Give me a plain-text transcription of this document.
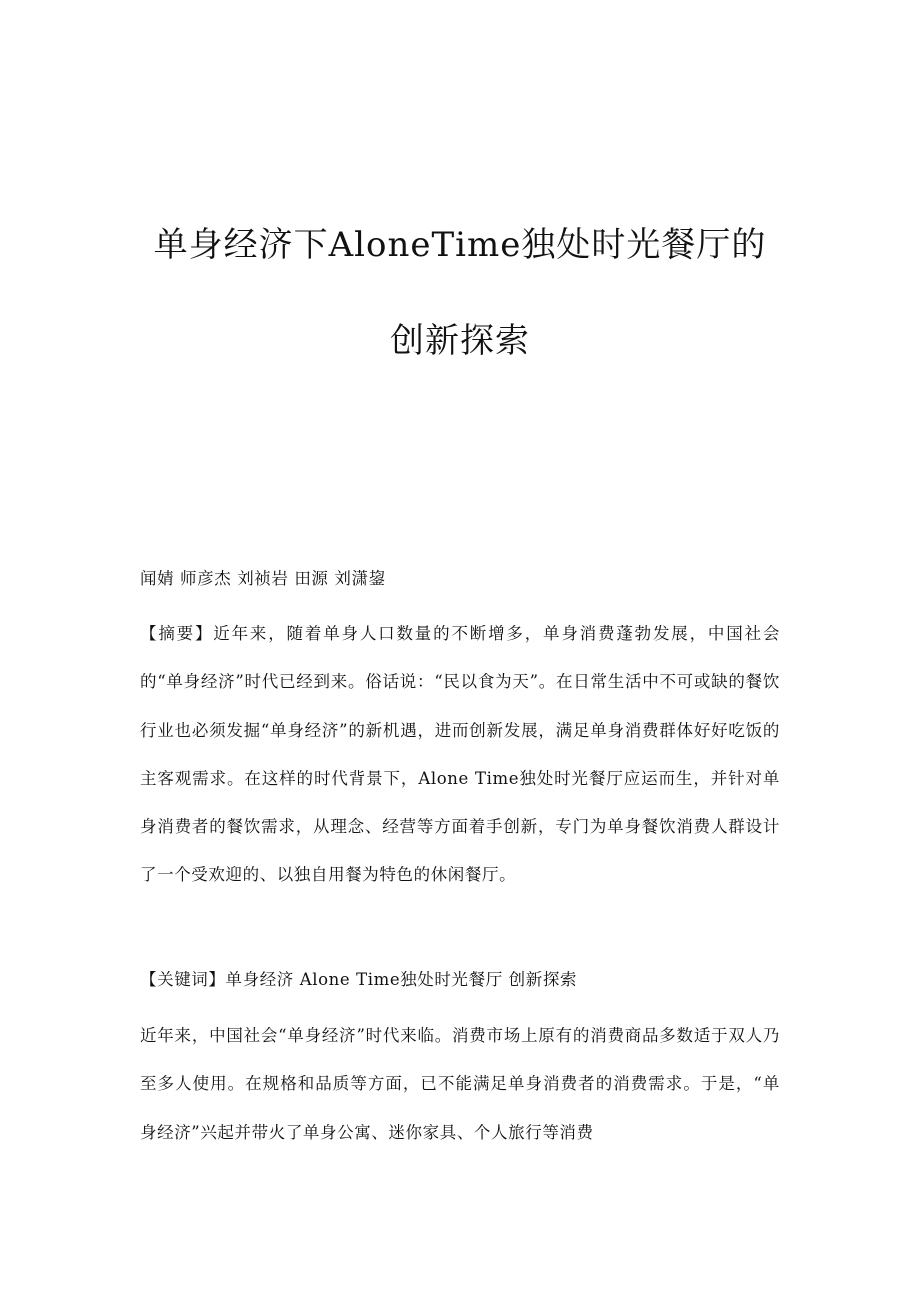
单身经济下AloneTime独处时光餐厅的
创新探索
闻婧 师彦杰 刘祯岩 田源 刘潇鋆
【摘要】近年来，随着单身人口数量的不断增多，单身消费蓬勃发展，中国社会的“单身经济”时代已经到来。俗话说：“民以食为天”。在日常生活中不可或缺的餐饮行业也必须发掘“单身经济”的新机遇，进而创新发展，满足单身消费群体好好吃饭的主客观需求。在这样的时代背景下，Alone Time独处时光餐厅应运而生，并针对单身消费者的餐饮需求，从理念、经营等方面着手创新，专门为单身餐饮消费人群设计了一个受欢迎的、以独自用餐为特色的休闲餐厅。
【关键词】单身经济 Alone Time独处时光餐厅 创新探索
近年来，中国社会“单身经济”时代来临。消费市场上原有的消费商品多数适于双人乃至多人使用。在规格和品质等方面，已不能满足单身消费者的消费需求。于是，“单身经济”兴起并带火了单身公寓、迷你家具、个人旅行等消费
